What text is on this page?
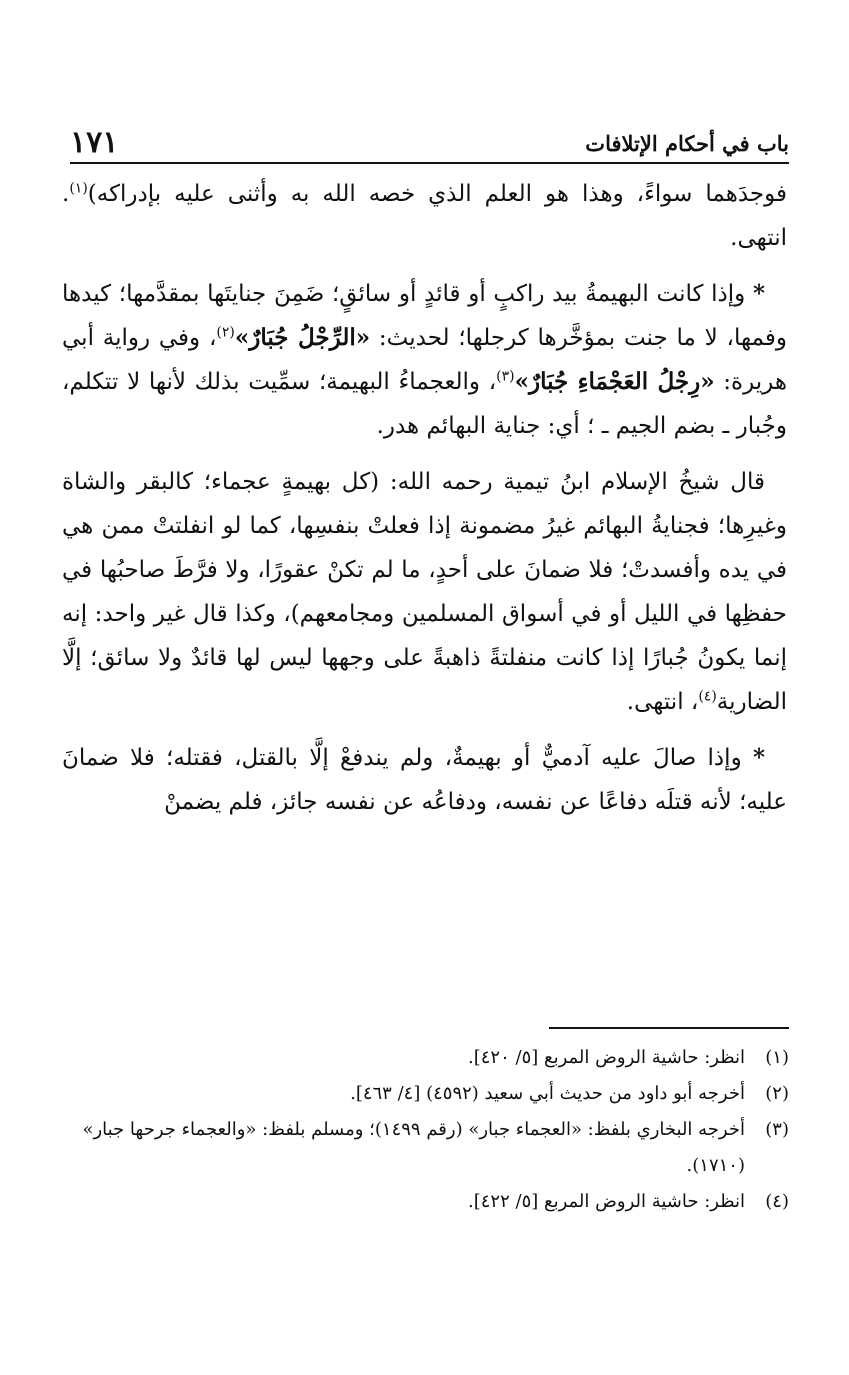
باب في أحكام الإتلافات
١٧١

فوجدَهما سواءً، وهذا هو العلم الذي خصه الله به وأثنى عليه بإدراكه)$^{(١)}$. انتهى.

* وإذا كانت البهيمةُ بيد راكبٍ أو قائدٍ أو سائقٍ؛ ضَمِنَ جنايتَها بمقدَّمها؛ كيدها وفمها، لا ما جنت بمؤخَّرها كرجلها؛ لحديث: «الرِّجْلُ جُبَارٌ»$^{(٢)}$، وفي رواية أبي هريرة: «رِجْلُ العَجْمَاءِ جُبَارٌ»$^{(٣)}$، والعجماءُ البهيمة؛ سمِّيت بذلك لأنها لا تتكلم، وجُبار ـ بضم الجيم ـ ؛ أي: جناية البهائم هدر.

قال شيخُ الإسلام ابنُ تيمية رحمه الله: (كل بهيمةٍ عجماء؛ كالبقر والشاة وغيرِها؛ فجنايةُ البهائم غيرُ مضمونة إذا فعلتْ بنفسِها، كما لو انفلتتْ ممن هي في يده وأفسدتْ؛ فلا ضمانَ على أحدٍ، ما لم تكنْ عقورًا، ولا فرَّطَ صاحبُها في حفظِها في الليل أو في أسواق المسلمين ومجامعهم)، وكذا قال غير واحد: إنه إنما يكونُ جُبارًا إذا كانت منفلتةً ذاهبةً على وجهها ليس لها قائدٌ ولا سائق؛ إلَّا الضارية$^{(٤)}$، انتهى.

* وإذا صالَ عليه آدميٌّ أو بهيمةٌ، ولم يندفعْ إلَّا بالقتل، فقتله؛ فلا ضمانَ عليه؛ لأنه قتلَه دفاعًا عن نفسه، ودفاعُه عن نفسه جائز، فلم يضمنْ

(١)
انظر: حاشية الروض المربع [٥/ ٤٢٠].
(٢)
أخرجه أبو داود من حديث أبي سعيد (٤٥٩٢) [٤/ ٤٦٣].
(٣)
أخرجه البخاري بلفظ: «العجماء جبار» (رقم ١٤٩٩)؛ ومسلم بلفظ: «والعجماء جرحها جبار» (١٧١٠).
(٤)
انظر: حاشية الروض المربع [٥/ ٤٢٢].
